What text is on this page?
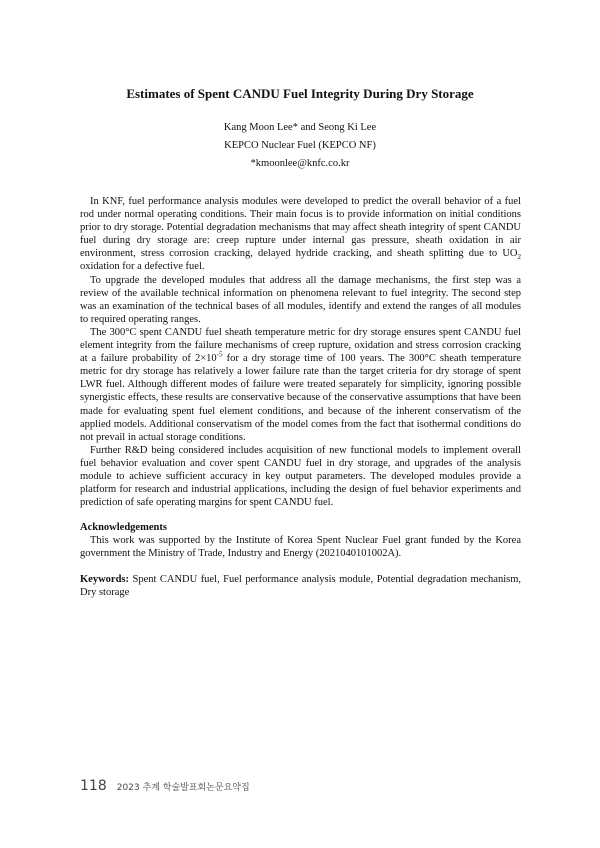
Estimates of Spent CANDU Fuel Integrity During Dry Storage
Kang Moon Lee* and Seong Ki Lee
KEPCO Nuclear Fuel (KEPCO NF)
*kmoonlee@knfc.co.kr

In KNF, fuel performance analysis modules were developed to predict the overall behavior of a fuel rod under normal operating conditions. Their main focus is to provide information on initial conditions prior to dry storage. Potential degradation mechanisms that may affect sheath integrity of spent CANDU fuel during dry storage are: creep rupture under internal gas pressure, sheath oxidation in air environment, stress corrosion cracking, delayed hydride cracking, and sheath splitting due to $UO_2$ oxidation for a defective fuel.

To upgrade the developed modules that address all the damage mechanisms, the first step was a review of the available technical information on phenomena relevant to fuel integrity. The second step was an examination of the technical bases of all modules, identify and extend the ranges of all modules to required operating ranges.

The 300°C spent CANDU fuel sheath temperature metric for dry storage ensures spent CANDU fuel element integrity from the failure mechanisms of creep rupture, oxidation and stress corrosion cracking at a failure probability of $2\times 10^{-5}$ for a dry storage time of 100 years. The 300°C sheath temperature metric for dry storage has relatively a lower failure rate than the target criteria for dry storage of spent LWR fuel. Although different modes of failure were treated separately for simplicity, ignoring possible synergistic effects, these results are conservative because of the conservative assumptions that have been made for evaluating spent fuel element conditions, and because of the inherent conservatism of the applied models. Additional conservatism of the model comes from the fact that isothermal conditions do not prevail in actual storage conditions.

Further R&D being considered includes acquisition of new functional models to implement overall fuel behavior evaluation and cover spent CANDU fuel in dry storage, and upgrades of the analysis module to achieve sufficient accuracy in key output parameters. The developed modules provide a platform for research and industrial applications, including the design of fuel behavior experiments and prediction of safe operating margins for spent CANDU fuel.

Acknowledgements

This work was supported by the Institute of Korea Spent Nuclear Fuel grant funded by the Korea government the Ministry of Trade, Industry and Energy (2021040101002A).

Keywords: Spent CANDU fuel, Fuel performance analysis module, Potential degradation mechanism, Dry storage

118 2023 추계 학술발표회논문요약집
